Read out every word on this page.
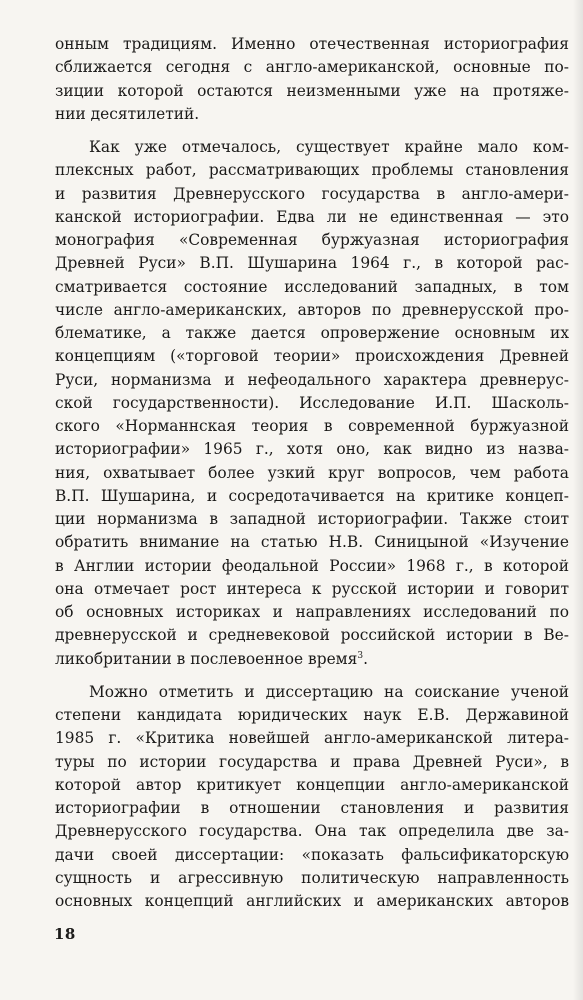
онным традициям. Именно отечественная историография
сближается сегодня с англо-американской, основные по-
зиции которой остаются неизменными уже на протяже-
нии десятилетий.
Как уже отмечалось, существует крайне мало ком-
плексных работ, рассматривающих проблемы становления
и развития Древнерусского государства в англо-амери-
канской историографии. Едва ли не единственная — это
монография «Современная буржуазная историография
Древней Руси» В.П. Шушарина 1964 г., в которой рас-
сматривается состояние исследований западных, в том
числе англо-американских, авторов по древнерусской про-
блематике, а также дается опровержение основным их
концепциям («торговой теории» происхождения Древней
Руси, норманизма и нефеодального характера древнерус-
ской государственности). Исследование И.П. Шаскoль-
ского «Норманнская теория в современной буржуазной
историографии» 1965 г., хотя оно, как видно из назва-
ния, охватывает более узкий круг вопросов, чем работа
В.П. Шушарина, и сосредотачивается на критике концеп-
ции норманизма в западной историографии. Также стоит
обратить внимание на статью Н.В. Синицыной «Изучение
в Англии истории феодальной России» 1968 г., в которой
она отмечает рост интереса к русской истории и говорит
об основных историках и направлениях исследований по
древнерусской и средневековой российской истории в Ве-
ликобритании в послевоенное время$^3$.
Можно отметить и диссертацию на соискание ученой
степени кандидата юридических наук Е.В. Державиной
1985 г. «Критика новейшей англо-американской литера-
туры по истории государства и права Древней Руси», в
которой автор критикует концепции англо-американской
историографии в отношении становления и развития
Древнерусского государства. Она так определила две за-
дачи своей диссертации: «показать фальсификаторскую
сущность и агрессивную политическую направленность
основных концепций английских и американских авторов
18
